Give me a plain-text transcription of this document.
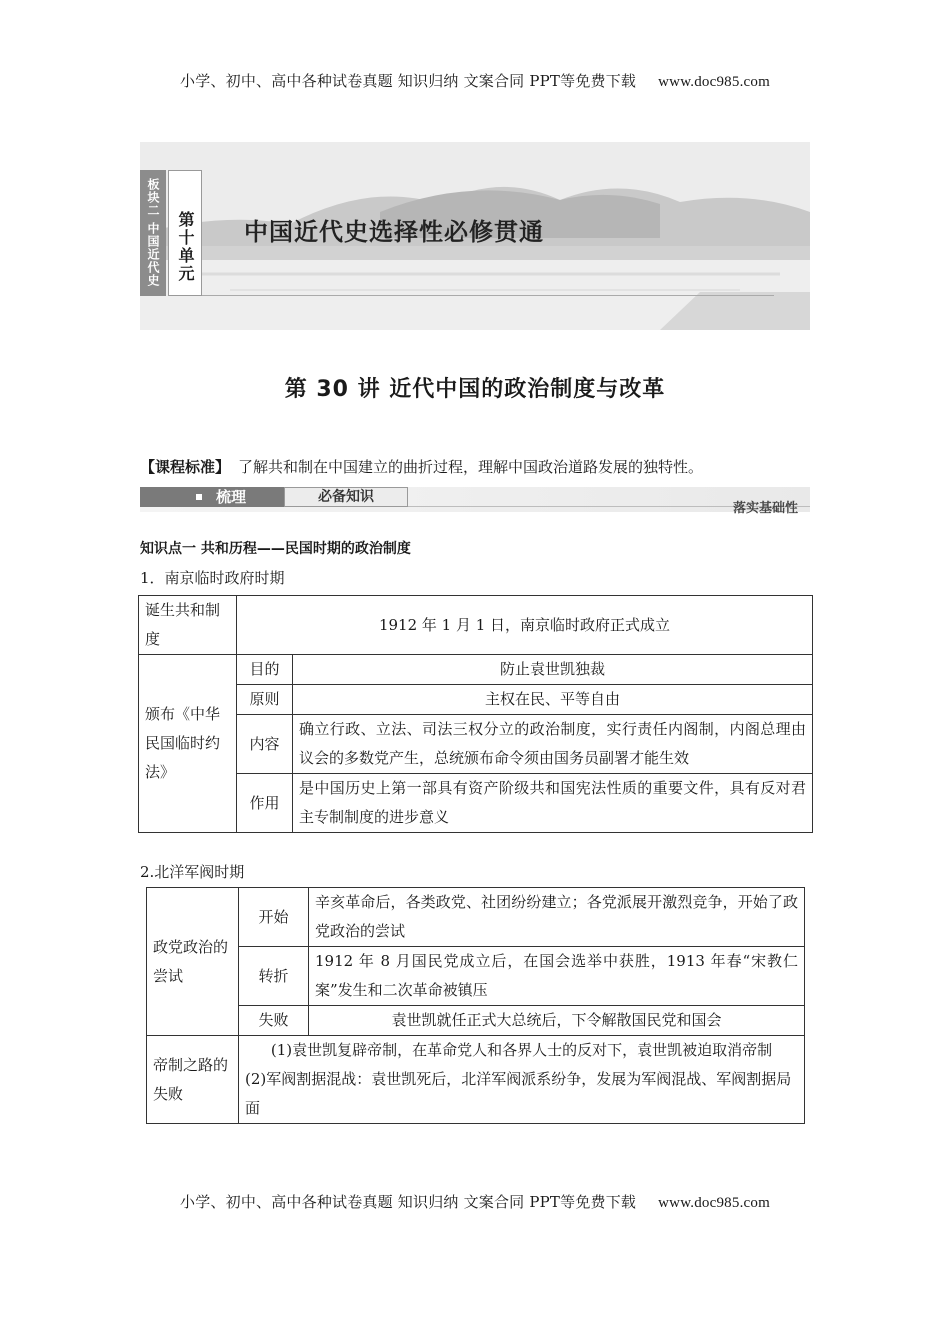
小学、初中、高中各种试卷真题 知识归纳 文案合同 PPT等免费下载 www.doc985.com
板块二 中国近代史	第十单元 中国近代史选择性必修贯通
第 30 讲 近代中国的政治制度与改革
【课程标准】 了解共和制在中国建立的曲折过程，理解中国政治道路发展的独特性。
梳理	必备知识
落实基础性
知识点一 共和历程——民国时期的政治制度
1．南京临时政府时期
诞生共和制度	1912 年 1 月 1 日，南京临时政府正式成立	
颁布《中华民国临时约法》	目的	防止袁世凯独裁
	原则	主权在民、平等自由
	内容	确立行政、立法、司法三权分立的政治制度，实行责任内阁制，内阁总理由议会的多数党产生，总统颁布命令须由国务员副署才能生效
	作用	是中国历史上第一部具有资产阶级共和国宪法性质的重要文件，具有反对君主专制制度的进步意义
2.北洋军阀时期
政党政治的尝试	开始	辛亥革命后，各类政党、社团纷纷建立；各党派展开激烈竞争，开始了政党政治的尝试
	转折	1912 年 8 月国民党成立后，在国会选举中获胜，1913 年春“宋教仁案”发生和二次革命被镇压
	失败	袁世凯就任正式大总统后，下令解散国民党和国会
帝制之路的失败	(1)袁世凯复辟帝制，在革命党人和各界人士的反对下，袁世凯被迫取消帝制
(2)军阀割据混战：袁世凯死后，北洋军阀派系纷争，发展为军阀混战、军阀割据局面	
小学、初中、高中各种试卷真题 知识归纳 文案合同 PPT等免费下载 www.doc985.com
